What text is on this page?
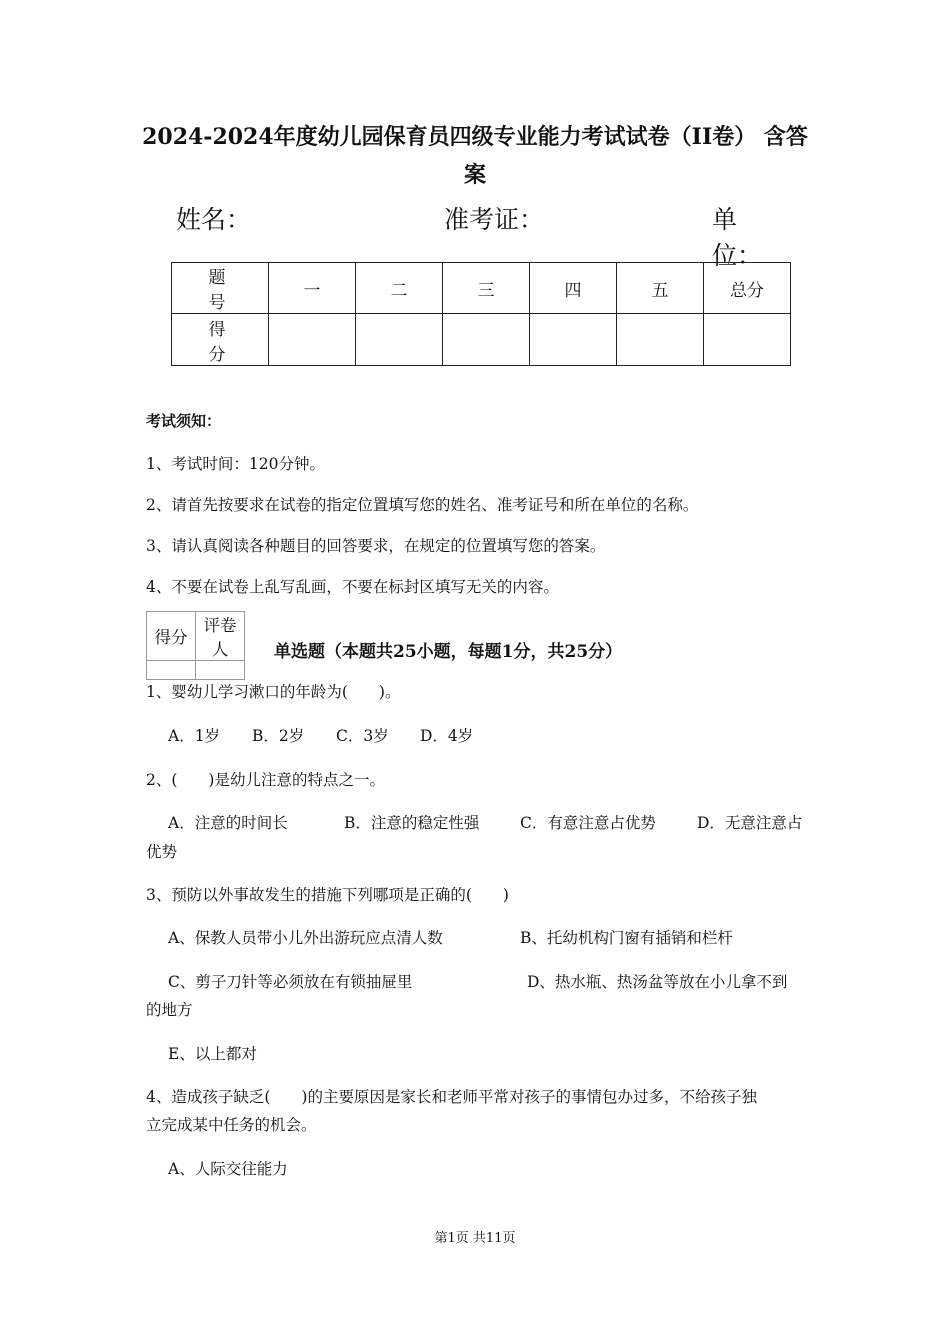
2024-2024年度幼儿园保育员四级专业能力考试试卷（II卷） 含答
案
姓名：	准考证：	单位：
题 号	一	二	三	四	五	总分
得 分						
考试须知：
1、考试时间：120分钟。
2、请首先按要求在试卷的指定位置填写您的姓名、准考证号和所在单位的名称。
3、请认真阅读各种题目的回答要求，在规定的位置填写您的答案。
4、不要在试卷上乱写乱画，不要在标封区填写无关的内容。
得分	评卷人
		单选题（本题共25小题，每题1分，共25分）
1、婴幼儿学习漱口的年龄为(　　)。
A．1岁 B．2岁 C．3岁 D．4岁
2、(　　)是幼儿注意的特点之一。
A．注意的时间长	B．注意的稳定性强	C．有意注意占优势	D．无意注意占
优势
3、预防以外事故发生的措施下列哪项是正确的(　　)
A、保教人员带小儿外出游玩应点清人数	B、托幼机构门窗有插销和栏杆
C、剪子刀针等必须放在有锁抽屉里	D、热水瓶、热汤盆等放在小儿拿不到
的地方
E、以上都对
4、造成孩子缺乏(　　)的主要原因是家长和老师平常对孩子的事情包办过多，不给孩子独
立完成某中任务的机会。
A、人际交往能力
第1页 共11页
